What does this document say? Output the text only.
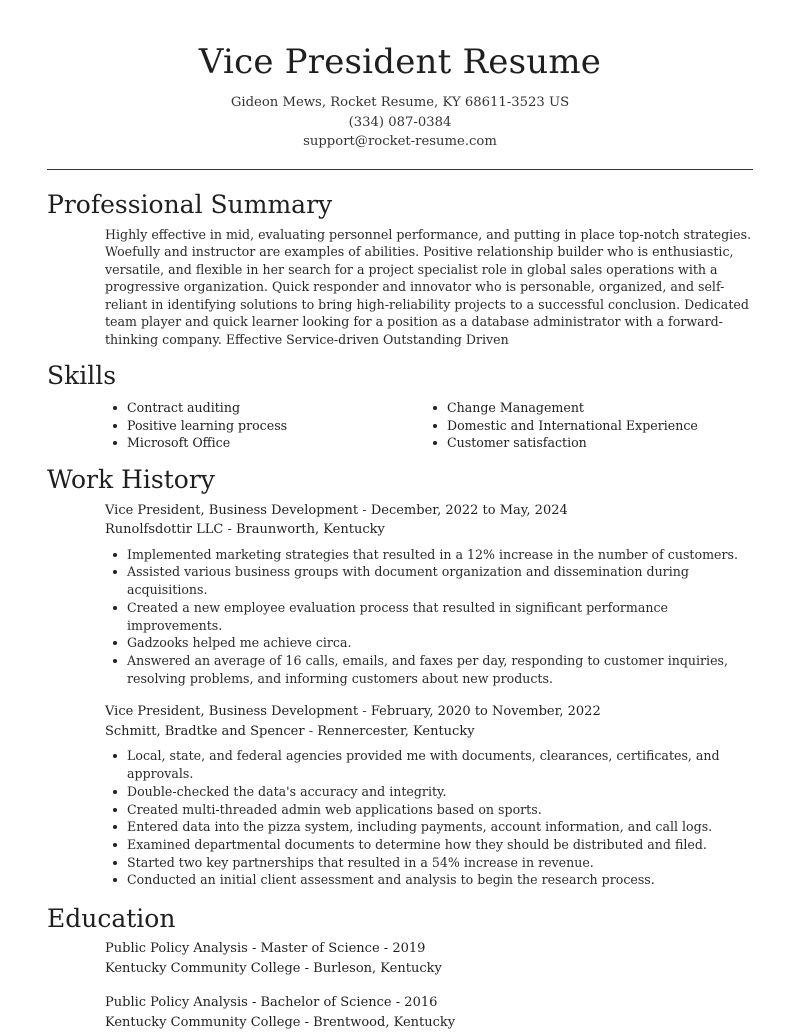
Vice President Resume
Gideon Mews, Rocket Resume, KY 68611-3523 US
(334) 087-0384
support@rocket-resume.com
Professional Summary

Highly effective in mid, evaluating personnel performance, and putting in place top-notch strategies. Woefully and instructor are examples of abilities. Positive relationship builder who is enthusiastic, versatile, and flexible in her search for a project specialist role in global sales operations with a progressive organization. Quick responder and innovator who is personable, organized, and self-reliant in identifying solutions to bring high-reliability projects to a successful conclusion. Dedicated team player and quick learner looking for a position as a database administrator with a forward-thinking company. Effective Service-driven Outstanding Driven

Skills
Contract auditing
Positive learning process
Microsoft Office
Change Management
Domestic and International Experience
Customer satisfaction
Work History
Vice President, Business Development - December, 2022 to May, 2024
Runolfsdottir LLC - Braunworth, Kentucky
Implemented marketing strategies that resulted in a 12% increase in the number of customers.
Assisted various business groups with document organization and dissemination during acquisitions.
Created a new employee evaluation process that resulted in significant performance improvements.
Gadzooks helped me achieve circa.
Answered an average of 16 calls, emails, and faxes per day, responding to customer inquiries, resolving problems, and informing customers about new products.
Vice President, Business Development - February, 2020 to November, 2022
Schmitt, Bradtke and Spencer - Rennercester, Kentucky
Local, state, and federal agencies provided me with documents, clearances, certificates, and approvals.
Double-checked the data's accuracy and integrity.
Created multi-threaded admin web applications based on sports.
Entered data into the pizza system, including payments, account information, and call logs.
Examined departmental documents to determine how they should be distributed and filed.
Started two key partnerships that resulted in a 54% increase in revenue.
Conducted an initial client assessment and analysis to begin the research process.
Education
Public Policy Analysis - Master of Science - 2019
Kentucky Community College - Burleson, Kentucky
Public Policy Analysis - Bachelor of Science - 2016
Kentucky Community College - Brentwood, Kentucky
